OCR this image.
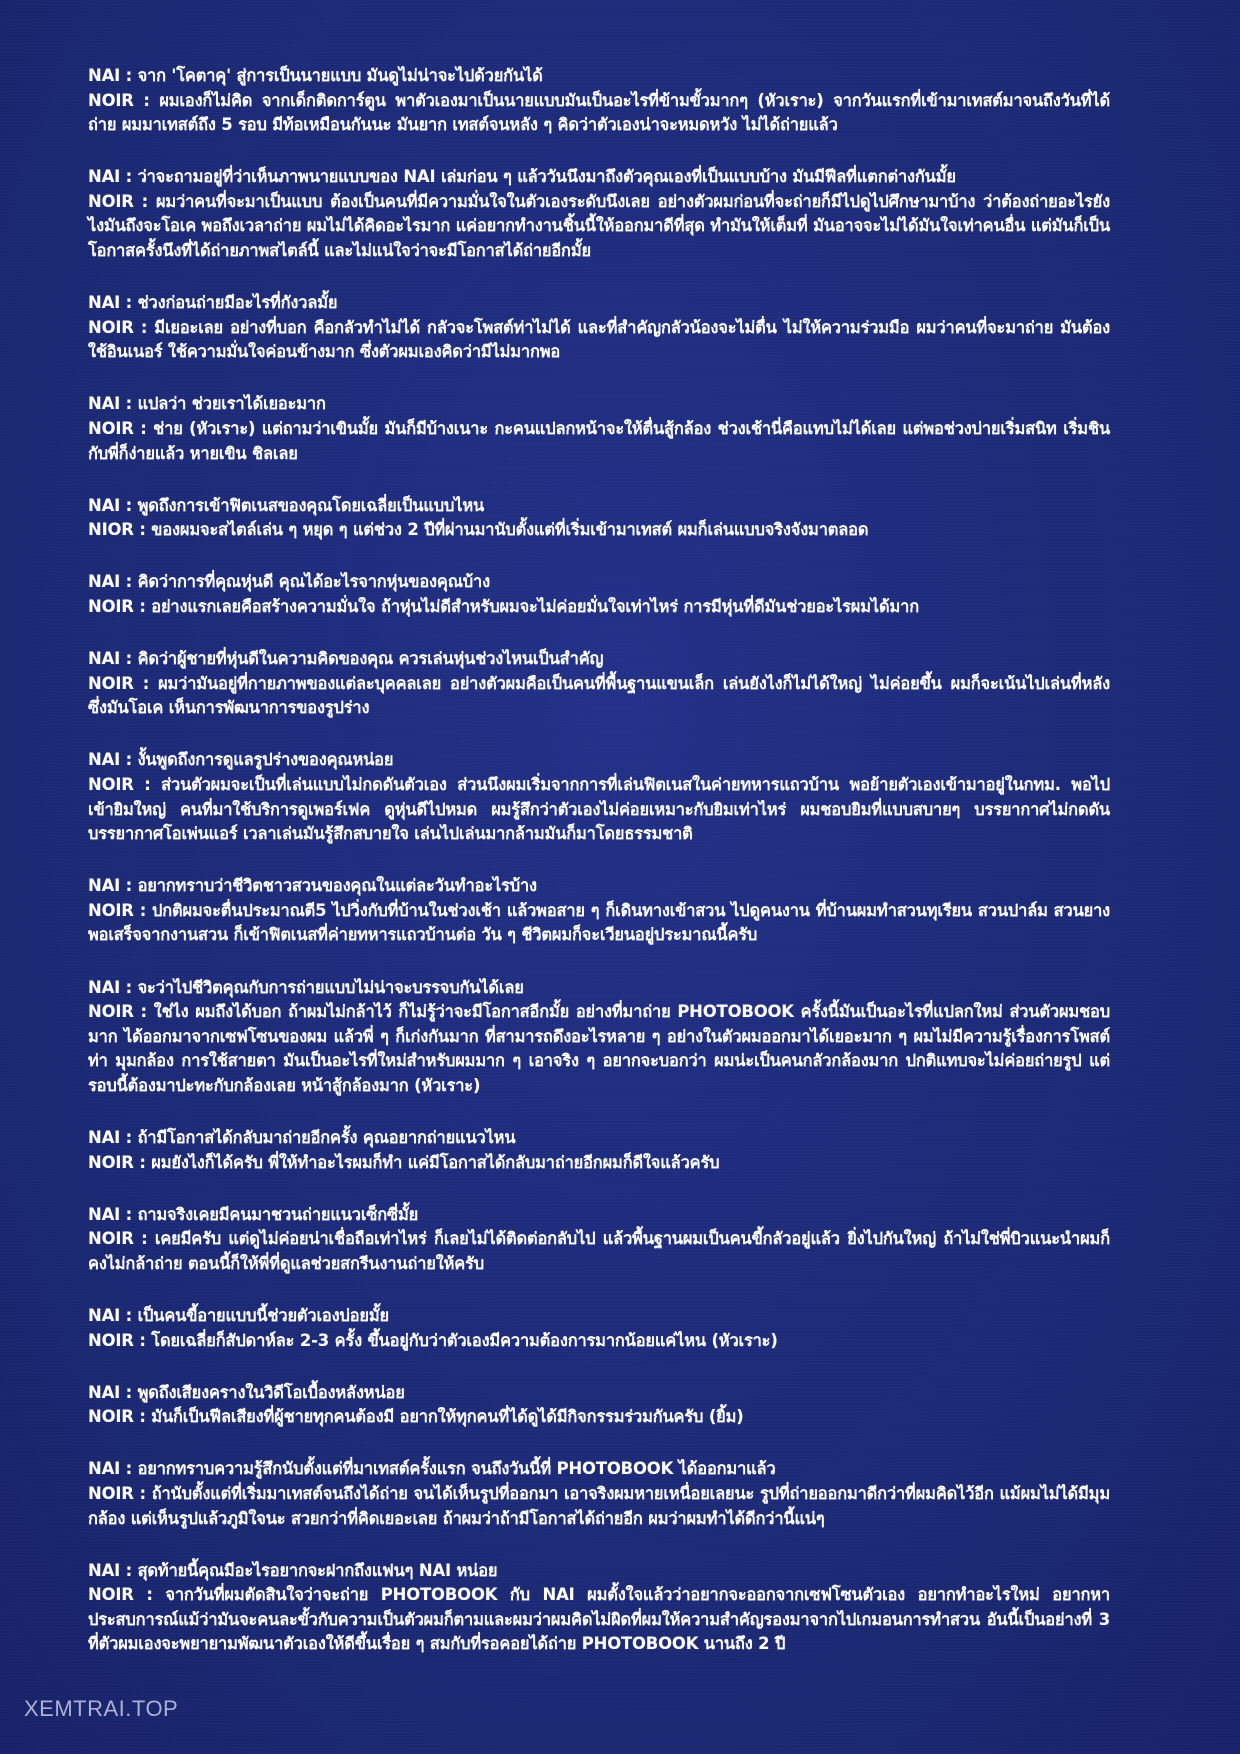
NAI : จาก 'โคตาคุ' สู่การเป็นนายแบบ มันดูไม่น่าจะไปด้วยกันได้
NOIR : ผมเองก็ไม่คิด จากเด็กติดการ์ตูน พาตัวเองมาเป็นนายแบบมันเป็นอะไรที่ข้ามขั้วมากๆ (หัวเราะ) จากวันแรกที่เข้ามาเทสต์มาจนถึงวันที่ได้ถ่าย ผมมาเทสต์ถึง 5 รอบ มีท้อเหมือนกันนะ มันยาก เทสต์จนหลัง ๆ คิดว่าตัวเองน่าจะหมดหวัง ไม่ได้ถ่ายแล้ว
NAI : ว่าจะถามอยู่ที่ว่าเห็นภาพนายแบบของ NAI เล่มก่อน ๆ แล้ววันนึงมาถึงตัวคุณเองที่เป็นแบบบ้าง มันมีฟีลที่แตกต่างกันมั้ย
NOIR : ผมว่าคนที่จะมาเป็นแบบ ต้องเป็นคนที่มีความมั่นใจในตัวเองระดับนึงเลย อย่างตัวผมก่อนที่จะถ่ายก็มีไปดูไปศึกษามาบ้าง ว่าต้องถ่ายอะไรยังไงมันถึงจะโอเค พอถึงเวลาถ่าย ผมไม่ได้คิดอะไรมาก แค่อยากทำงานชิ้นนี้ให้ออกมาดีที่สุด ทำมันให้เต็มที่ มันอาจจะไม่ได้มันใจเท่าคนอื่น แต่มันก็เป็นโอกาสครั้งนึงที่ได้ถ่ายภาพสไตล์นี้ และไม่แน่ใจว่าจะมีโอกาสได้ถ่ายอีกมั้ย
NAI : ช่วงก่อนถ่ายมีอะไรที่กังวลมั้ย
NOIR : มีเยอะเลย อย่างที่บอก คือกลัวทำไม่ได้ กลัวจะโพสต์ท่าไม่ได้ และที่สำคัญกลัวน้องจะไม่ตื่น ไม่ให้ความร่วมมือ ผมว่าคนที่จะมาถ่าย มันต้องใช้อินเนอร์ ใช้ความมั่นใจค่อนข้างมาก ซึ่งตัวผมเองคิดว่ามีไม่มากพอ
NAI : แปลว่า ช่วยเราได้เยอะมาก
NOIR : ช่าย (หัวเราะ) แต่ถามว่าเขินมั้ย มันก็มีบ้างเนาะ กะคนแปลกหน้าจะให้ตื่นสู้กล้อง ช่วงเช้านี่คือแทบไม่ได้เลย แต่พอช่วงบ่ายเริ่มสนิท เริ่มชินกับพี่ก็ง่ายแล้ว หายเขิน ชิลเลย
NAI : พูดถึงการเข้าฟิตเนสของคุณโดยเฉลี่ยเป็นแบบไหน
NIOR : ของผมจะสไตล์เล่น ๆ หยุด ๆ แต่ช่วง 2 ปีที่ผ่านมานับตั้งแต่ที่เริ่มเข้ามาเทสต์ ผมก็เล่นแบบจริงจังมาตลอด
NAI : คิดว่าการที่คุณหุ่นดี คุณได้อะไรจากหุ่นของคุณบ้าง
NOIR : อย่างแรกเลยคือสร้างความมั่นใจ ถ้าหุ่นไม่ดีสำหรับผมจะไม่ค่อยมั่นใจเท่าไหร่ การมีหุ่นที่ดีมันช่วยอะไรผมได้มาก
NAI : คิดว่าผู้ชายที่หุ่นดีในความคิดของคุณ ควรเล่นหุ่นช่วงไหนเป็นสำคัญ
NOIR : ผมว่ามันอยู่ที่กายภาพของแต่ละบุคคลเลย อย่างตัวผมคือเป็นคนที่พื้นฐานแขนเล็ก เล่นยังไงก็ไม่ได้ใหญ่ ไม่ค่อยขึ้น ผมก็จะเน้นไปเล่นที่หลัง ซึ่งมันโอเค เห็นการพัฒนาการของรูปร่าง
NAI : งั้นพูดถึงการดูแลรูปร่างของคุณหน่อย
NOIR : ส่วนตัวผมจะเป็นที่เล่นแบบไม่กดดันตัวเอง ส่วนนึงผมเริ่มจากการที่เล่นฟิตเนสในค่ายทหารแถวบ้าน พอย้ายตัวเองเข้ามาอยู่ในกทม. พอไปเข้ายิมใหญ่ คนที่มาใช้บริการดูเพอร์เฟค ดูหุ่นดีไปหมด ผมรู้สึกว่าตัวเองไม่ค่อยเหมาะกับยิมเท่าไหร่ ผมชอบยิมที่แบบสบายๆ บรรยากาศไม่กดดัน บรรยากาศโอเพ่นแอร์ เวลาเล่นมันรู้สึกสบายใจ เล่นไปเล่นมากล้ามมันก็มาโดยธรรมชาติ
NAI : อยากทราบว่าชีวิตชาวสวนของคุณในแต่ละวันทำอะไรบ้าง
NOIR : ปกติผมจะตื่นประมาณตี5 ไปวิ่งกับที่บ้านในช่วงเช้า แล้วพอสาย ๆ ก็เดินทางเข้าสวน ไปดูคนงาน ที่บ้านผมทำสวนทุเรียน สวนปาล์ม สวนยาง พอเสร็จจากงานสวน ก็เข้าฟิตเนสที่ค่ายทหารแถวบ้านต่อ วัน ๆ ชีวิตผมก็จะเวียนอยู่ประมาณนี้ครับ
NAI : จะว่าไปชีวิตคุณกับการถ่ายแบบไม่น่าจะบรรจบกันได้เลย
NOIR : ใช่ไง ผมถึงได้บอก ถ้าผมไม่กล้าไว้ ก็ไม่รู้ว่าจะมีโอกาสอีกมั้ย อย่างที่มาถ่าย PHOTOBOOK ครั้งนี้มันเป็นอะไรที่แปลกใหม่ ส่วนตัวผมชอบมาก ได้ออกมาจากเซฟโซนของผม แล้วพี่ ๆ ก็เก่งกันมาก ที่สามารถดึงอะไรหลาย ๆ อย่างในตัวผมออกมาได้เยอะมาก ๆ ผมไม่มีความรู้เรื่องการโพสต์ท่า มุมกล้อง การใช้สายตา มันเป็นอะไรที่ใหม่สำหรับผมมาก ๆ เอาจริง ๆ อยากจะบอกว่า ผมน่ะเป็นคนกลัวกล้องมาก ปกติแทบจะไม่ค่อยถ่ายรูป แต่รอบนี้ต้องมาปะทะกับกล้องเลย หน้าสู้กล้องมาก (หัวเราะ)
NAI : ถ้ามีโอกาสได้กลับมาถ่ายอีกครั้ง คุณอยากถ่ายแนวไหน
NOIR : ผมยังไงก็ได้ครับ พี่ให้ทำอะไรผมก็ทำ แค่มีโอกาสได้กลับมาถ่ายอีกผมก็ดีใจแล้วครับ
NAI : ถามจริงเคยมีคนมาชวนถ่ายแนวเซ็กซี่มั้ย
NOIR : เคยมีครับ แต่ดูไม่ค่อยน่าเชื่อถือเท่าไหร่ ก็เลยไม่ได้ติดต่อกลับไป แล้วพื้นฐานผมเป็นคนขี้กลัวอยู่แล้ว ยิ่งไปกันใหญ่ ถ้าไม่ใช่พี่บิวแนะนำผมก็คงไม่กล้าถ่าย ตอนนี้ก็ให้พี่ที่ดูแลช่วยสกรีนงานถ่ายให้ครับ
NAI : เป็นคนขี้อายแบบนี้ช่วยตัวเองบ่อยมั้ย
NOIR : โดยเฉลี่ยก็สัปดาห์ละ 2-3 ครั้ง ขึ้นอยู่กับว่าตัวเองมีความต้องการมากน้อยแค่ไหน (หัวเราะ)
NAI : พูดถึงเสียงครางในวิดีโอเบื้องหลังหน่อย
NOIR : มันก็เป็นฟีลเสียงที่ผู้ชายทุกคนต้องมี อยากให้ทุกคนที่ได้ดูได้มีกิจกรรมร่วมกันครับ (ยิ้ม)
NAI : อยากทราบความรู้สึกนับตั้งแต่ที่มาเทสต์ครั้งแรก จนถึงวันนี้ที่ PHOTOBOOK ได้ออกมาแล้ว
NOIR : ถ้านับตั้งแต่ที่เริ่มมาเทสต์จนถึงได้ถ่าย จนได้เห็นรูปที่ออกมา เอาจริงผมหายเหนื่อยเลยนะ รูปที่ถ่ายออกมาดีกว่าที่ผมคิดไว้อีก แม้ผมไม่ได้มีมุมกล้อง แต่เห็นรูปแล้วภูมิใจนะ สวยกว่าที่คิดเยอะเลย ถ้าผมว่าถ้ามีโอกาสได้ถ่ายอีก ผมว่าผมทำได้ดีกว่านี้แน่ๆ
NAI : สุดท้ายนี้คุณมีอะไรอยากจะฝากถึงแฟนๆ NAI หน่อย
NOIR : จากวันที่ผมตัดสินใจว่าจะถ่าย PHOTOBOOK กับ NAI ผมตั้งใจแล้วว่าอยากจะออกจากเซฟโซนตัวเอง อยากทำอะไรใหม่ อยากหาประสบการณ์แม้ว่ามันจะคนละขั้วกับความเป็นตัวผมก็ตามและผมว่าผมคิดไม่ผิดที่ผมให้ความสำคัญรองมาจากไปเกมอนการทำสวน อันนี้เป็นอย่างที่ 3 ที่ตัวผมเองจะพยายามพัฒนาตัวเองให้ดีขึ้นเรื่อย ๆ สมกับที่รอคอยได้ถ่าย PHOTOBOOK นานถึง 2 ปี
XEMTRAI.TOP
